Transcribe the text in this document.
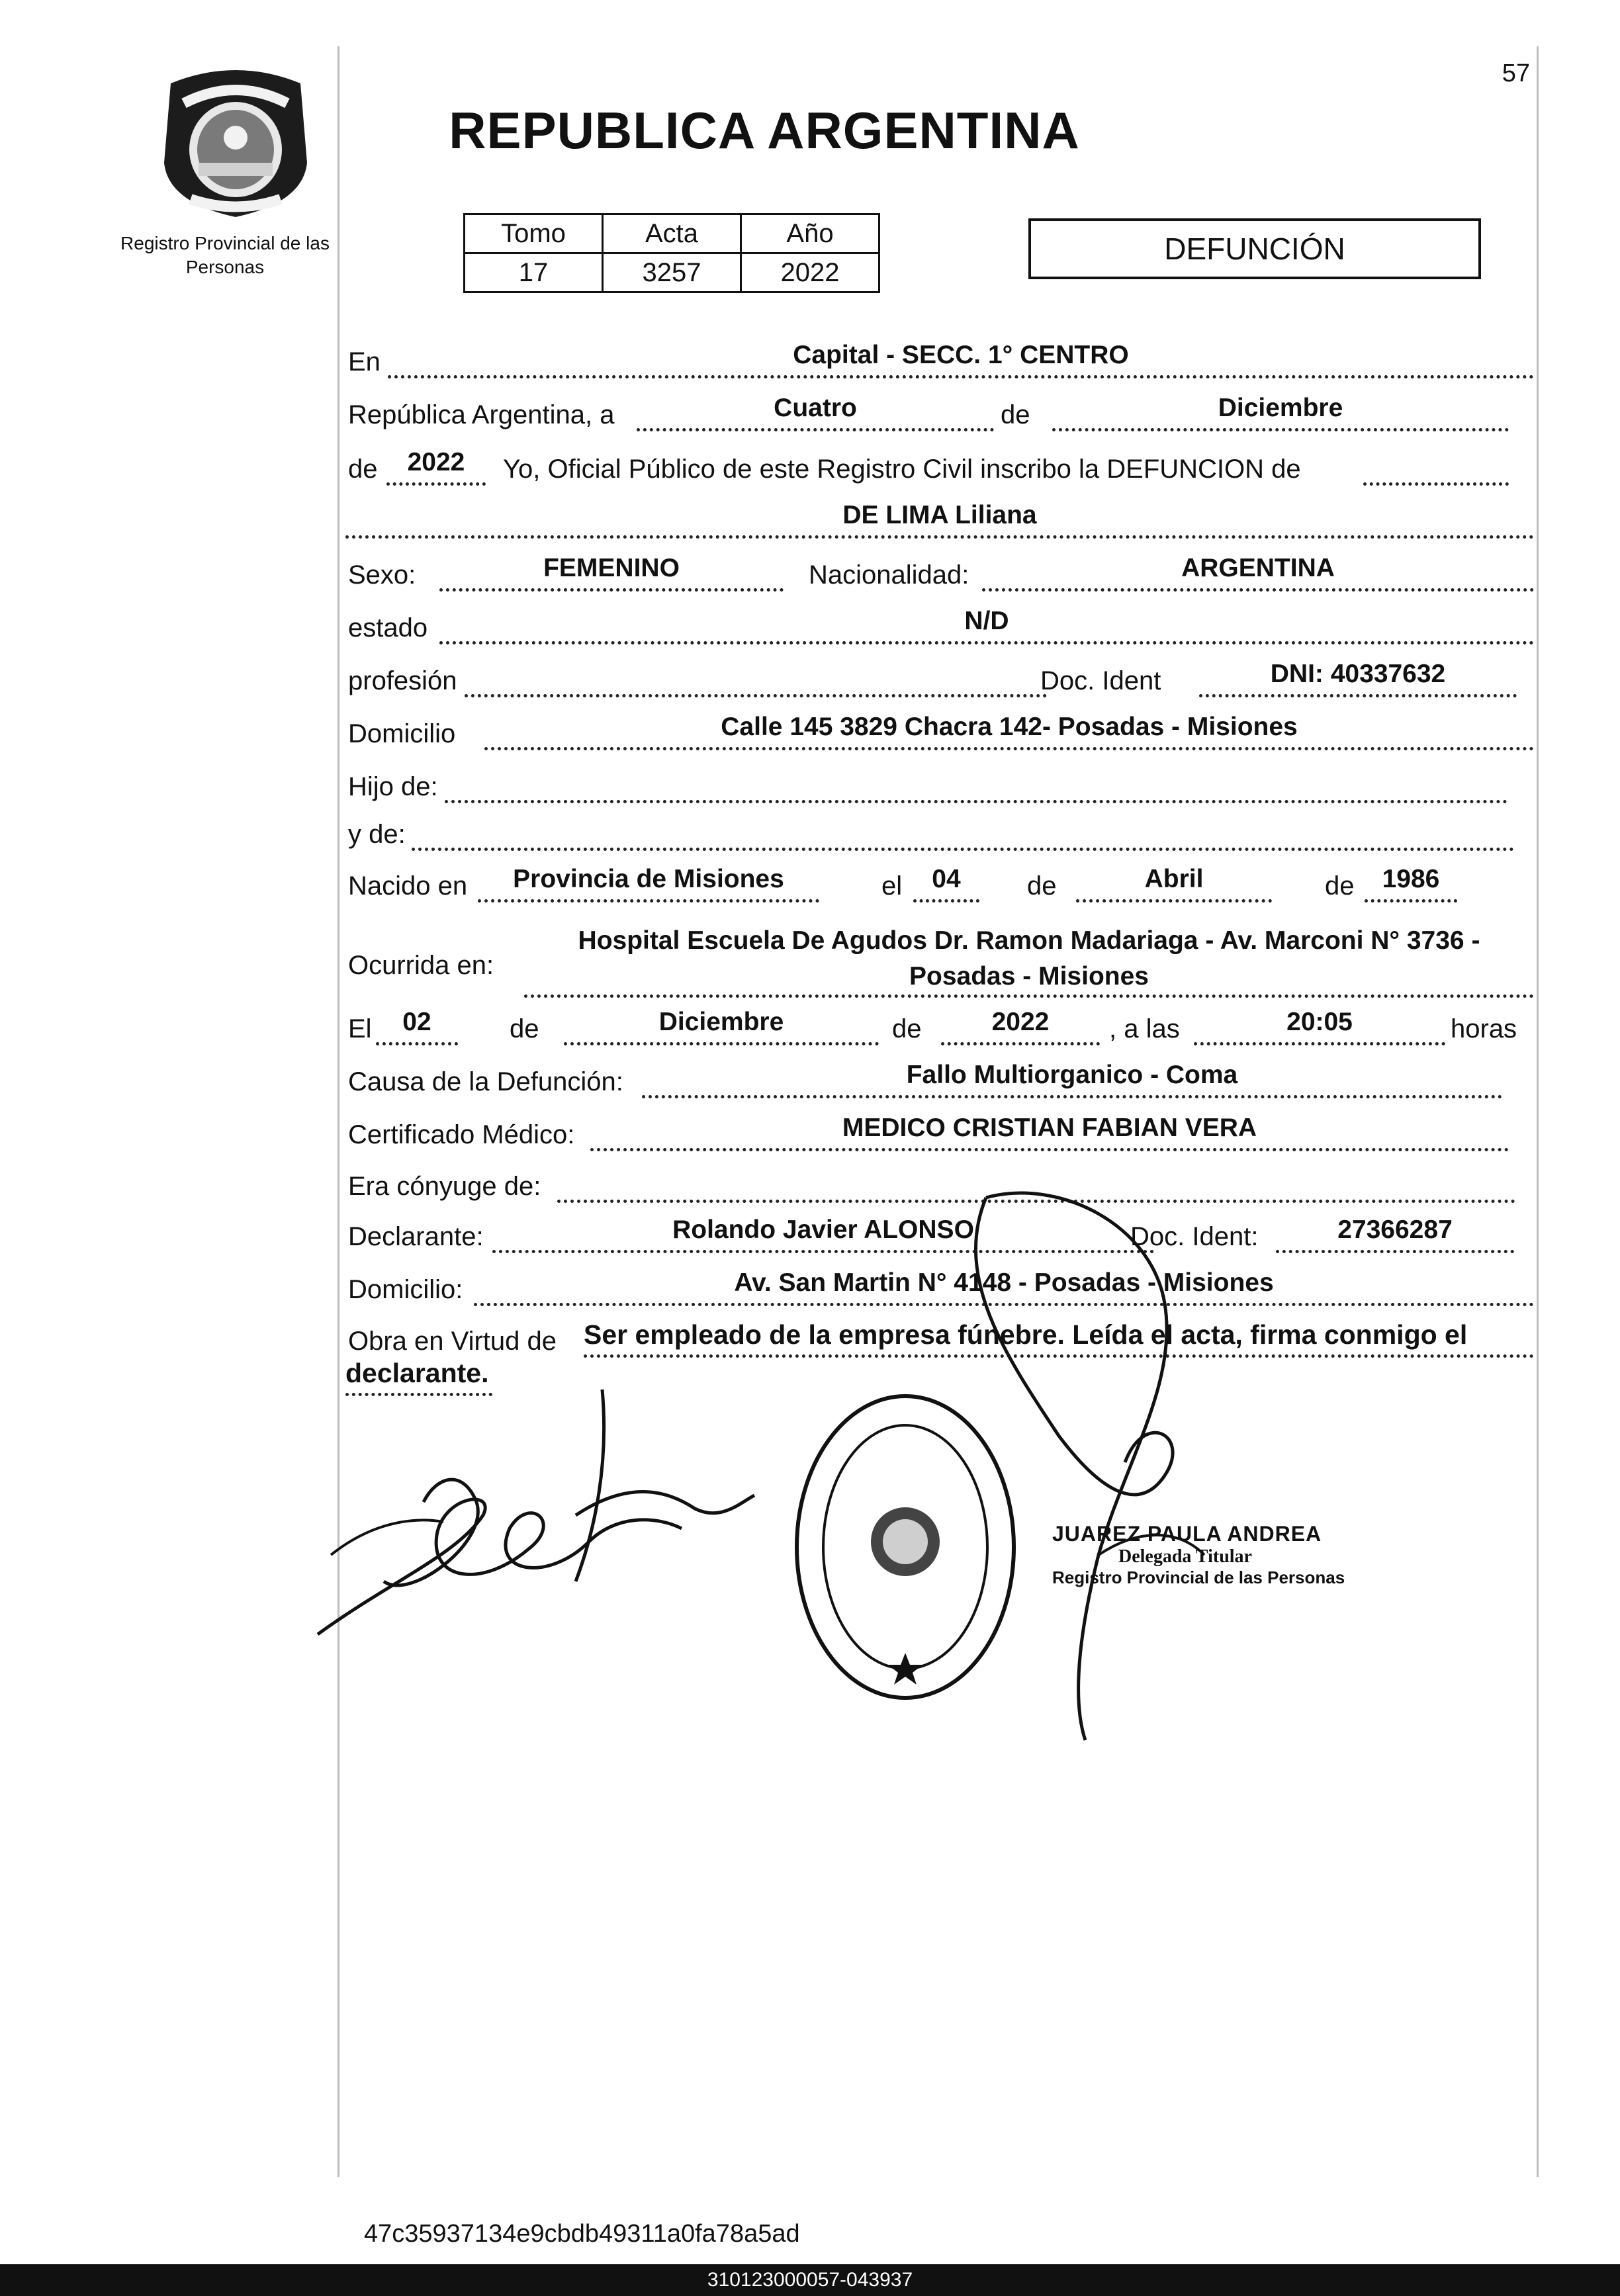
Registro Provincial de las Personas
57
REPUBLICA ARGENTINA
Tomo	Acta	Año
17	3257	2022
DEFUNCIÓN
En	Capital - SECC. 1° CENTRO
República Argentina, a	Cuatro	de	Diciembre
de 2022 Yo, Oficial Público de este Registro Civil inscribo la DEFUNCION de
DE LIMA Liliana
Sexo:	FEMENINO	Nacionalidad:	ARGENTINA
estado	N/D
profesión	Doc. Ident	DNI: 40337632
Domicilio	Calle 145 3829 Chacra 142- Posadas - Misiones
Hijo de:
y de:
Nacido en Provincia de Misiones	el 04	de	Abril	de 1986
Ocurrida en:
Hospital Escuela De Agudos Dr. Ramon Madariaga - Av. Marconi N° 3736 - Posadas - Misiones
El 02	de	Diciembre	de	2022 , a las	20:05	horas
Causa de la Defunción:	Fallo Multiorganico - Coma
Certificado Médico:	MEDICO CRISTIAN FABIAN VERA
Era cónyuge de:
Declarante:	Rolando Javier ALONSO	Doc. Ident:	27366287
Domicilio:	Av. San Martin N° 4148 - Posadas - Misiones
Obra en Virtud de Ser empleado de la empresa fúnebre. Leída el acta, firma conmigo el
declarante.
JUAREZ PAULA ANDREA
Delegada Titular
Registro Provincial de las Personas
47c35937134e9cbdb49311a0fa78a5ad
310123000057-043937
